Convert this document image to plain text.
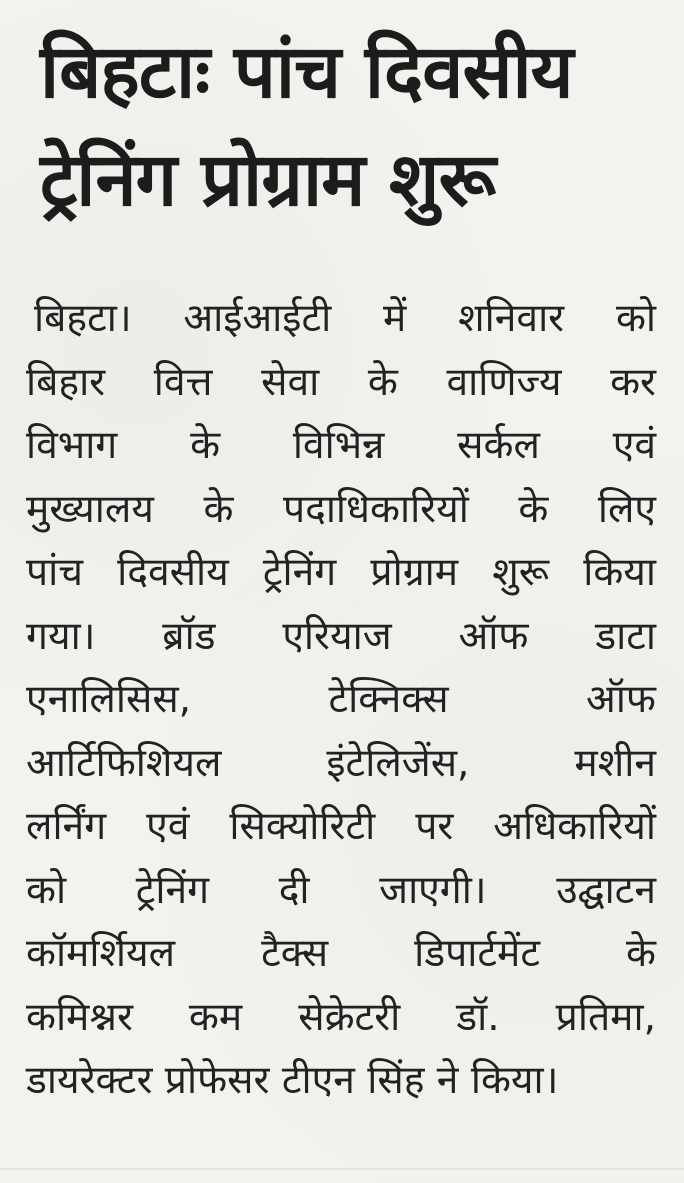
बिहटाः पांच दिवसीय
ट्रेनिंग प्रोग्राम शुरू
बिहटा। आईआईटी में शनिवार को
बिहार वित्त सेवा के वाणिज्य कर
विभाग के विभिन्न सर्कल एवं
मुख्यालय के पदाधिकारियों के लिए
पांच दिवसीय ट्रेनिंग प्रोग्राम शुरू किया
गया। ब्रॉड एरियाज ऑफ डाटा
एनालिसिस, टेक्निक्स ऑफ
आर्टिफिशियल इंटेलिजेंस, मशीन
लर्निंग एवं सिक्योरिटी पर अधिकारियों
को ट्रेनिंग दी जाएगी। उद्घाटन
कॉमर्शियल टैक्स डिपार्टमेंट के
कमिश्नर कम सेक्रेटरी डॉ. प्रतिमा,
डायरेक्टर प्रोफेसर टीएन सिंह ने किया।
